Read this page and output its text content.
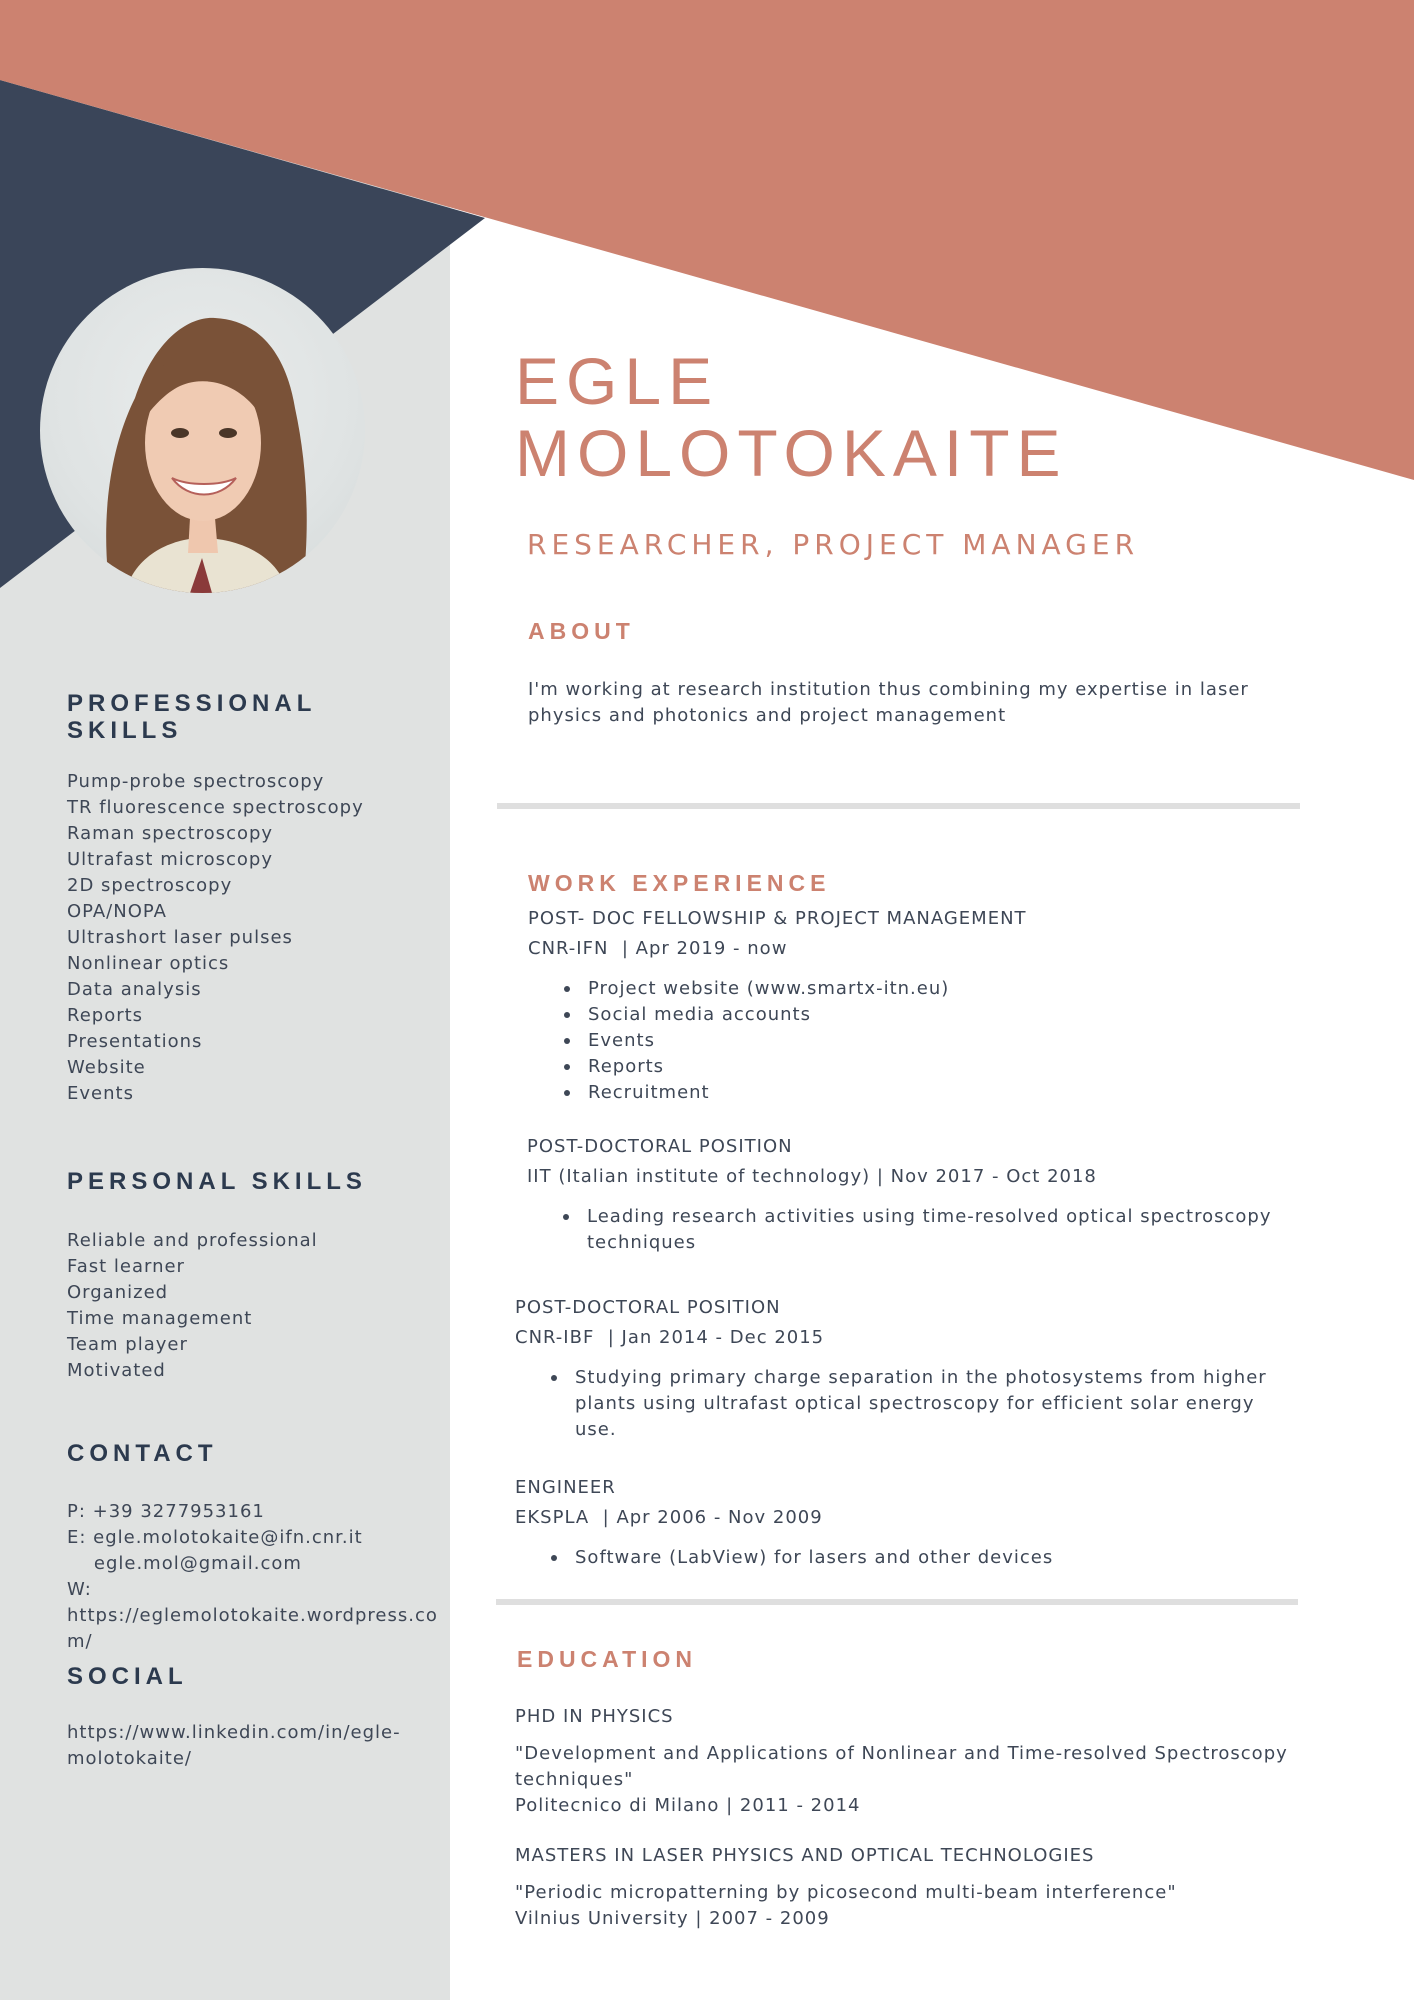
EGLE
MOLOTOKAITE
RESEARCHER, PROJECT MANAGER
PROFESSIONAL
SKILLS
Pump-probe spectroscopy
TR fluorescence spectroscopy
Raman spectroscopy
Ultrafast microscopy
2D spectroscopy
OPA/NOPA
Ultrashort laser pulses
Nonlinear optics
Data analysis
Reports
Presentations
Website
Events
PERSONAL SKILLS
Reliable and professional
Fast learner
Organized
Time management
Team player
Motivated
CONTACT
P: +39 3277953161
E: egle.molotokaite@ifn.cnr.it
egle.mol@gmail.com
W:
https://eglemolotokaite.wordpress.co
m/
SOCIAL
https://www.linkedin.com/in/egle-
molotokaite/
ABOUT
I'm working at research institution thus combining my expertise in laser
physics and photonics and project management
WORK EXPERIENCE
POST- DOC FELLOWSHIP & PROJECT MANAGEMENT
CNR-IFN  | Apr 2019 - now
Project website (www.smartx-itn.eu)
Social media accounts
Events
Reports
Recruitment
POST-DOCTORAL POSITION
IIT (Italian institute of technology) | Nov 2017 - Oct 2018
Leading research activities using time-resolved optical spectroscopy
techniques
POST-DOCTORAL POSITION
CNR-IBF  | Jan 2014 - Dec 2015
Studying primary charge separation in the photosystems from higher
plants using ultrafast optical spectroscopy for efficient solar energy
use.
ENGINEER
EKSPLA  | Apr 2006 - Nov 2009
Software (LabView) for lasers and other devices
EDUCATION
PHD IN PHYSICS
"Development and Applications of Nonlinear and Time-resolved Spectroscopy
techniques"
Politecnico di Milano | 2011 - 2014
MASTERS IN LASER PHYSICS AND OPTICAL TECHNOLOGIES
"Periodic micropatterning by picosecond multi-beam interference"
Vilnius University | 2007 - 2009
